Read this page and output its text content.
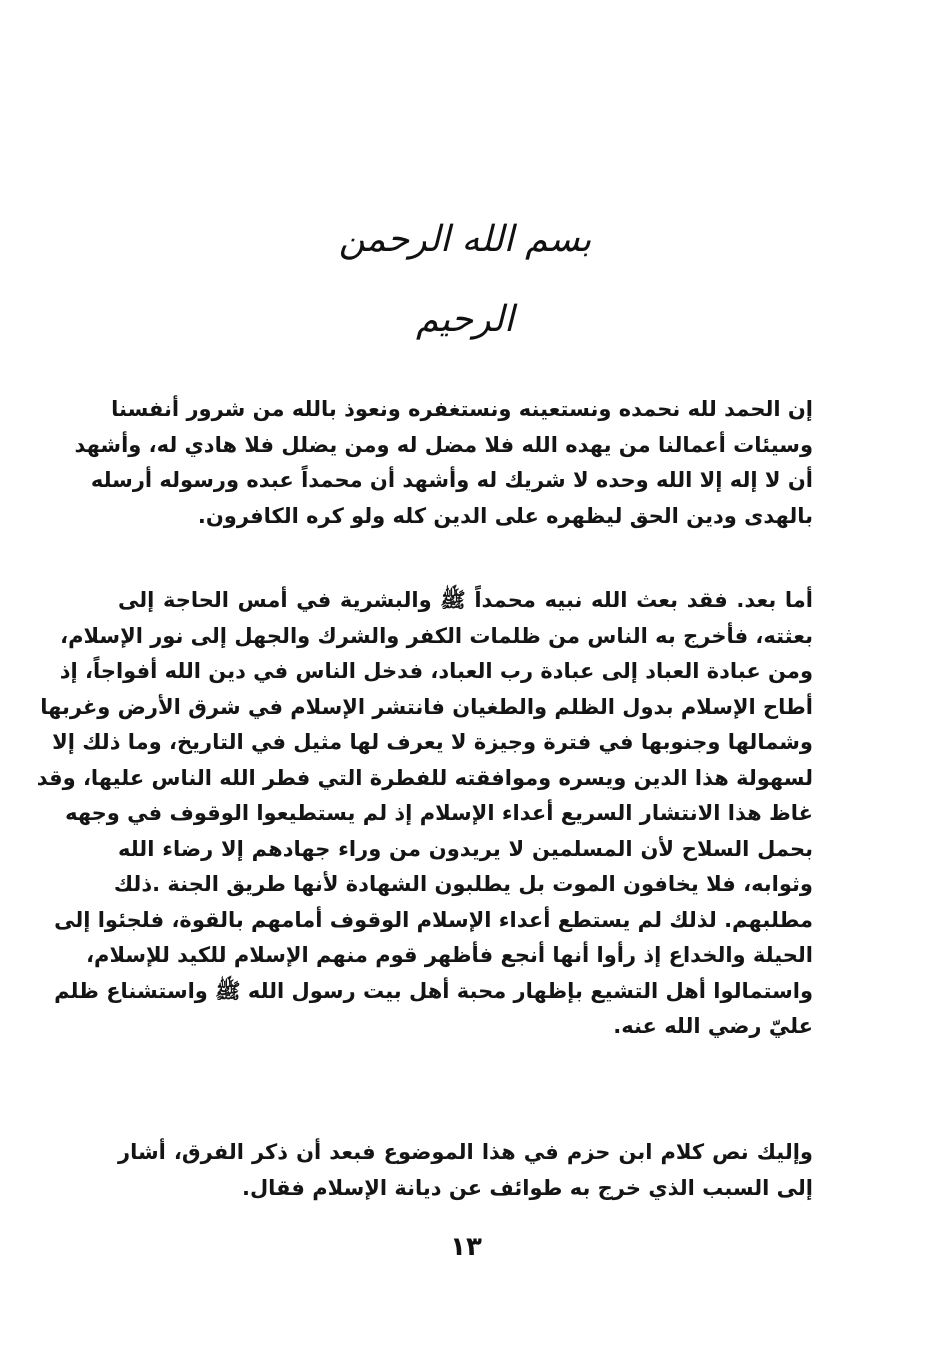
بسم الله الرحمن الرحيم
إن الحمد لله نحمده ونستعينه ونستغفره ونعوذ بالله من شرور أنفسنا
وسيئات أعمالنا من يهده الله فلا مضل له ومن يضلل فلا هادي له، وأشهد
أن لا إله إلا الله وحده لا شريك له وأشهد أن محمداً عبده ورسوله أرسله
بالهدى ودين الحق ليظهره على الدين كله ولو كره الكافرون.
أما بعد. فقد بعث الله نبيه محمداً ﷺ والبشرية في أمس الحاجة إلى
بعثته، فأخرج به الناس من ظلمات الكفر والشرك والجهل إلى نور الإسلام،
ومن عبادة العباد إلى عبادة رب العباد، فدخل الناس في دين الله أفواجاً، إذ
أطاح الإسلام بدول الظلم والطغيان فانتشر الإسلام في شرق الأرض وغربها
وشمالها وجنوبها في فترة وجيزة لا يعرف لها مثيل في التاريخ، وما ذلك إلا
لسهولة هذا الدين ويسره وموافقته للفطرة التي فطر الله الناس عليها، وقد
غاظ هذا الانتشار السريع أعداء الإسلام إذ لم يستطيعوا الوقوف في وجهه
بحمل السلاح لأن المسلمين لا يريدون من وراء جهادهم إلا رضاء الله
وثوابه، فلا يخافون الموت بل يطلبون الشهادة لأنها طريق الجنة .ذلك
مطلبهم. لذلك لم يستطع أعداء الإسلام الوقوف أمامهم بالقوة، فلجئوا إلى
الحيلة والخداع إذ رأوا أنها أنجع فأظهر قوم منهم الإسلام للكيد للإسلام،
واستمالوا أهل التشيع بإظهار محبة أهل بيت رسول الله ﷺ واستشناع ظلم
عليّ رضي الله عنه.
وإليك نص كلام ابن حزم في هذا الموضوع فبعد أن ذكر الفرق، أشار
إلى السبب الذي خرج به طوائف عن ديانة الإسلام فقال.
١٣
